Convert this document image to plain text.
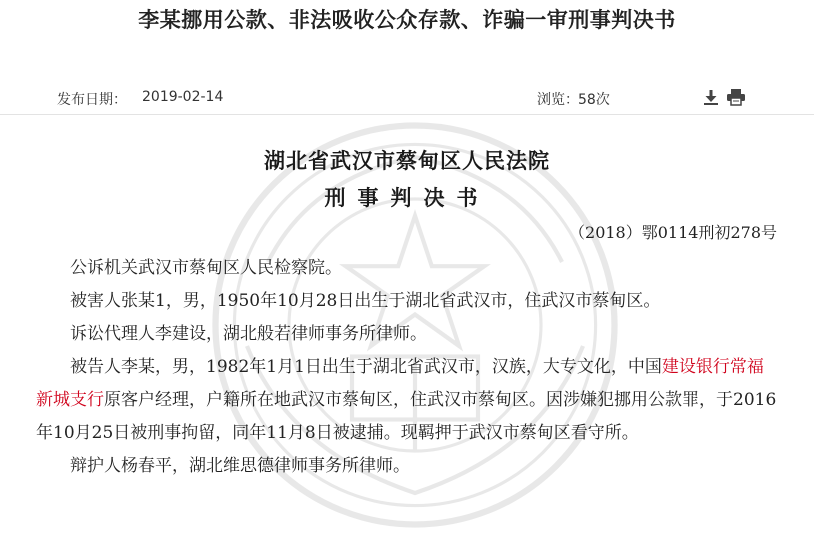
李某挪用公款、非法吸收公众存款、诈骗一审刑事判决书
发布日期： 2019-02-14	浏览： 58次
湖北省武汉市蔡甸区人民法院
刑事判决书
（2018）鄂0114刑初278号

公诉机关武汉市蔡甸区人民检察院。

被害人张某1，男，1950年10月28日出生于湖北省武汉市，住武汉市蔡甸区。

诉讼代理人李建设，湖北般若律师事务所律师。

被告人李某，男，1982年1月1日出生于湖北省武汉市，汉族，大专文化，中国建设银行常福新城支行原客户经理，户籍所在地武汉市蔡甸区，住武汉市蔡甸区。因涉嫌犯挪用公款罪，于2016年10月25日被刑事拘留，同年11月8日被逮捕。现羁押于武汉市蔡甸区看守所。

辩护人杨春平，湖北维思德律师事务所律师。
